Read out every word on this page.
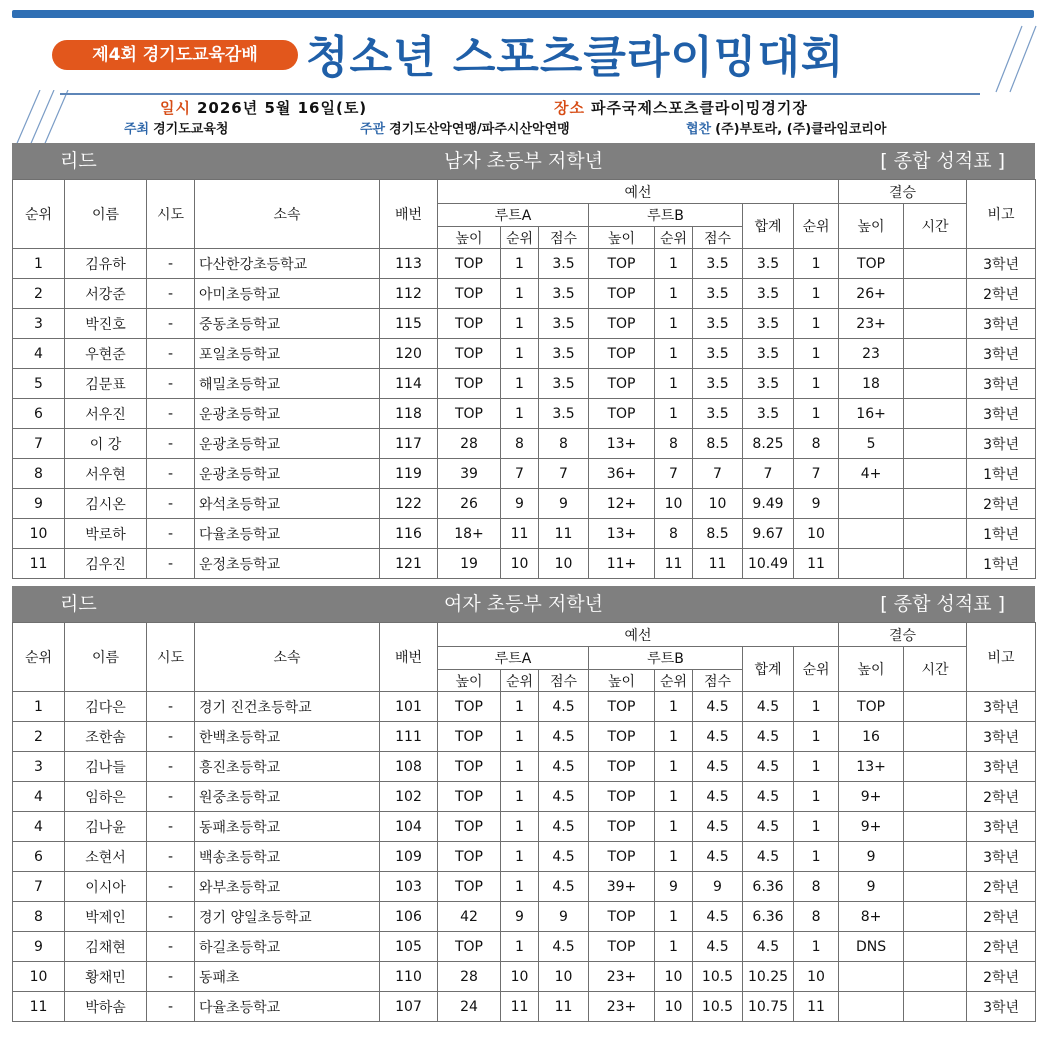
제4회 경기도교육감배	청소년 스포츠클라이밍대회
일시 2026년 5월 16일(토)	장소 파주국제스포츠클라이밍경기장
주최 경기도교육청	주관 경기도산악연맹/파주시산악연맹	협찬 (주)부토라, (주)클라임코리아
리드	남자 초등부 저학년	[ 종합 성적표 ]
순위	이름	시도	소속	배번	예선								결승		비고
					루트A			루트B			합계	순위	높이	시간	
					높이	순위	점수	높이	순위	점수					
1	김유하	-	다산한강초등학교	113	TOP	1	3.5	TOP	1	3.5	3.5	1	TOP		3학년
2	서강준	-	아미초등학교	112	TOP	1	3.5	TOP	1	3.5	3.5	1	26+		2학년
3	박진호	-	중동초등학교	115	TOP	1	3.5	TOP	1	3.5	3.5	1	23+		3학년
4	우현준	-	포일초등학교	120	TOP	1	3.5	TOP	1	3.5	3.5	1	23		3학년
5	김문표	-	해밀초등학교	114	TOP	1	3.5	TOP	1	3.5	3.5	1	18		3학년
6	서우진	-	운광초등학교	118	TOP	1	3.5	TOP	1	3.5	3.5	1	16+		3학년
7	이 강	-	운광초등학교	117	28	8	8	13+	8	8.5	8.25	8	5		3학년
8	서우현	-	운광초등학교	119	39	7	7	36+	7	7	7	7	4+		1학년
9	김시온	-	와석초등학교	122	26	9	9	12+	10	10	9.49	9			2학년
10	박로하	-	다율초등학교	116	18+	11	11	13+	8	8.5	9.67	10			1학년
11	김우진	-	운정초등학교	121	19	10	10	11+	11	11	10.49	11			1학년
리드	여자 초등부 저학년	[ 종합 성적표 ]
순위	이름	시도	소속	배번	예선								결승		비고
					루트A			루트B			합계	순위	높이	시간	
					높이	순위	점수	높이	순위	점수					
1	김다은	-	경기 진건초등학교	101	TOP	1	4.5	TOP	1	4.5	4.5	1	TOP		3학년
2	조한솜	-	한백초등학교	111	TOP	1	4.5	TOP	1	4.5	4.5	1	16		3학년
3	김나들	-	흥진초등학교	108	TOP	1	4.5	TOP	1	4.5	4.5	1	13+		3학년
4	임하은	-	원중초등학교	102	TOP	1	4.5	TOP	1	4.5	4.5	1	9+		2학년
4	김나윤	-	동패초등학교	104	TOP	1	4.5	TOP	1	4.5	4.5	1	9+		3학년
6	소현서	-	백송초등학교	109	TOP	1	4.5	TOP	1	4.5	4.5	1	9		3학년
7	이시아	-	와부초등학교	103	TOP	1	4.5	39+	9	9	6.36	8	9		2학년
8	박제인	-	경기 양일초등학교	106	42	9	9	TOP	1	4.5	6.36	8	8+		2학년
9	김채현	-	하길초등학교	105	TOP	1	4.5	TOP	1	4.5	4.5	1	DNS		2학년
10	황채민	-	동패초	110	28	10	10	23+	10	10.5	10.25	10			2학년
11	박하솜	-	다율초등학교	107	24	11	11	23+	10	10.5	10.75	11			3학년
